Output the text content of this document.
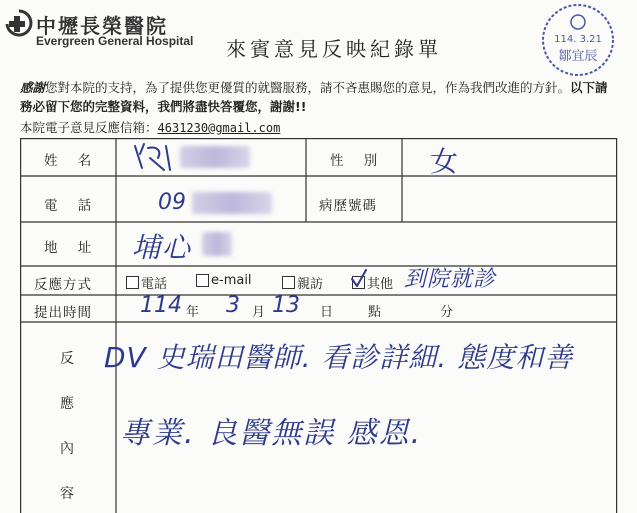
中壢長榮醫院
Evergreen General Hospital 來賓意見反映紀錄單	114. 3.21
鄒宜辰
感謝您對本院的支持，為了提供您更優質的就醫服務，請不吝惠賜您的意見，作為我們改進的方針。以下請務必留下您的完整資料，我們將盡快答覆您，謝謝!!
本院電子意見反應信箱：4631230@gmail.com
姓 名	性 別 女
電 話	09	病歷號碼
地 址 埔心
反應方式	電話	e-mail	親訪	其他 到院就診
提出時間 114 年 3 月 13 日	點	分
反
應
內
容
DV 史瑞田醫師. 看診詳細. 態度和善
專業. 良醫無誤 感恩.
